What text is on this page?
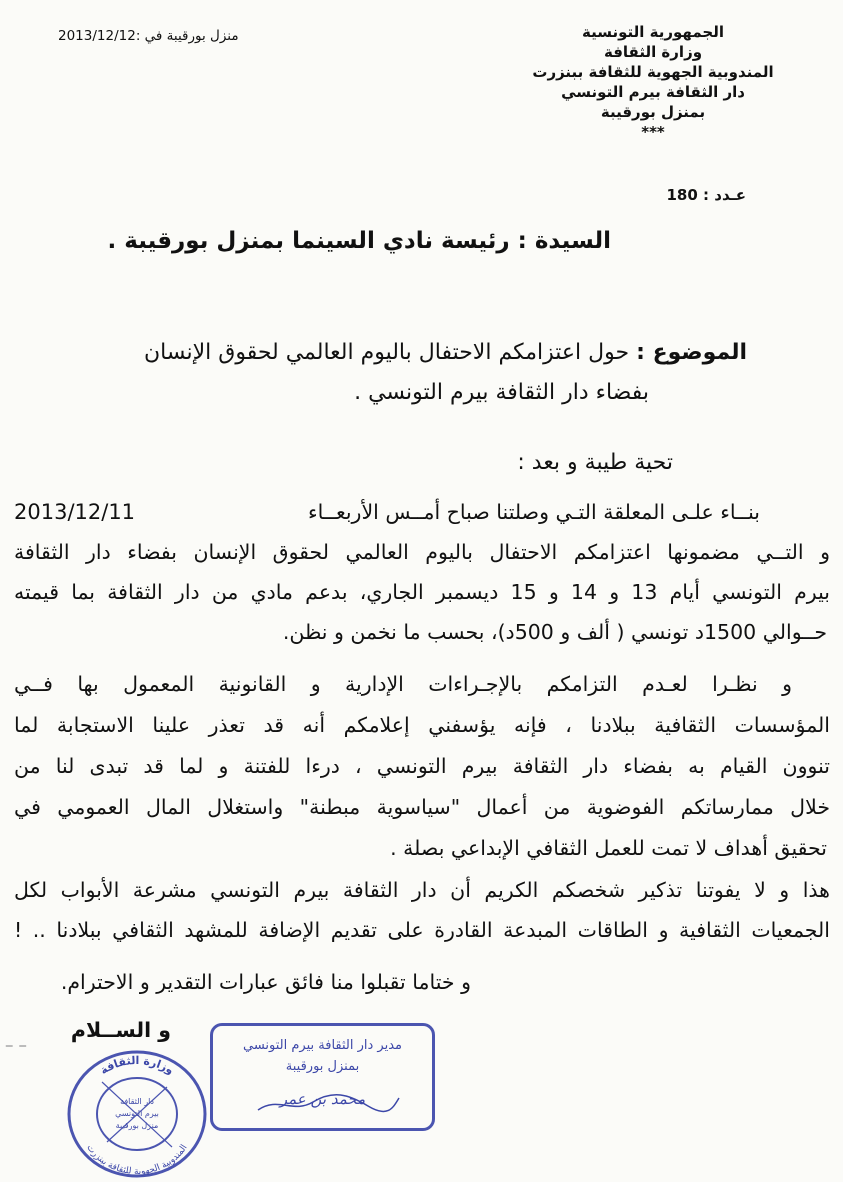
الجمهورية التونسية
وزارة الثقافة
المندوبية الجهوية للثقافة ببنزرت
دار الثقافة بيرم التونسي
بمنزل بورقيبة
***
عـدد : 180
منزل بورقيبة في :2013/12/12
السيدة : رئيسة نادي السينما بمنزل بورقيبة .
الموضوع : حول اعتزامكم الاحتفال باليوم العالمي لحقوق الإنسان
بفضاء دار الثقافة بيرم التونسي .
تحية طيبة و بعد :
2013/12/11	بنــاء علـى المعلقة التـي وصلتنا صباح أمــس الأربعــاء
و التــي مضمونها اعتزامكم الاحتفال باليوم العالمي لحقوق الإنسان بفضاء دار الثقافة
بيرم التونسي أيام 13 و 14 و 15 ديسمبر الجاري، بدعم مادي من دار الثقافة بما قيمته
حــوالي 1500د تونسي ( ألف و 500د)، بحسب ما نخمن و نظن.
و نظـرا لعـدم التزامكم بالإجـراءات الإدارية و القانونية المعمول بها فــي
المؤسسات الثقافية ببلادنا ، فإنه يؤسفني إعلامكم أنه قد تعذر علينا الاستجابة لما
تنوون القيام به بفضاء دار الثقافة بيرم التونسي ، درءا للفتنة و لما قد تبدى لنا من
خلال ممارساتكم الفوضوية من أعمال "سياسوية مبطنة" واستغلال المال العمومي في
تحقيق أهداف لا تمت للعمل الثقافي الإبداعي بصلة .
هذا و لا يفوتنا تذكير شخصكم الكريم أن دار الثقافة بيرم التونسي مشرعة الأبواب لكل
الجمعيات الثقافية و الطاقات المبدعة القادرة على تقديم الإضافة للمشهد الثقافي ببلادنا .. !
و ختاما تقبلوا منا فائق عبارات التقدير و الاحترام.
و الســلام
ـ ـ	مدير دار الثقافة بيرم التونسي
بمنزل بورقيبة
محمد بن عمر
وزارة الثقافة
المندوبية الجهوية للثقافة ببنزرت
دار الثقافة
بيرم التونسي
منزل بورقيبة
